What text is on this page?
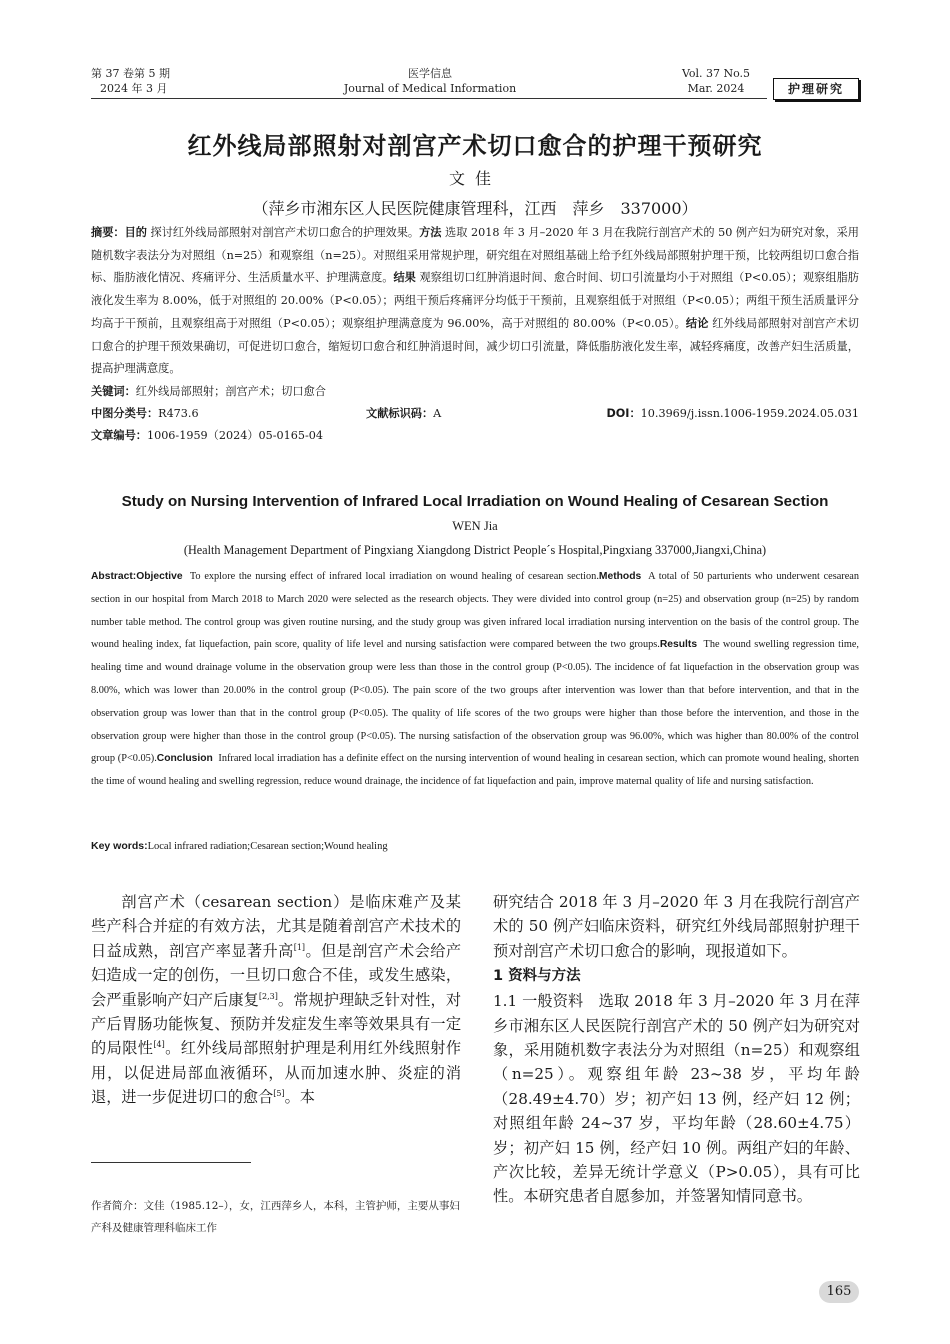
第 37 卷第 5 期
2024 年 3 月
医学信息
Journal of Medical Information
Vol. 37 No.5
Mar. 2024	护理研究
红外线局部照射对剖宫产术切口愈合的护理干预研究
文佳
（萍乡市湘东区人民医院健康管理科，江西　萍乡　337000）
摘要：目的 探讨红外线局部照射对剖宫产术切口愈合的护理效果。方法 选取 2018 年 3 月–2020 年 3 月在我院行剖宫产术的 50 例产妇为研究对象，采用随机数字表法分为对照组（n=25）和观察组（n=25）。对照组采用常规护理，研究组在对照组基础上给予红外线局部照射护理干预，比较两组切口愈合指标、脂肪液化情况、疼痛评分、生活质量水平、护理满意度。结果 观察组切口红肿消退时间、愈合时间、切口引流量均小于对照组（P<0.05）；观察组脂肪液化发生率为 8.00%，低于对照组的 20.00%（P<0.05）；两组干预后疼痛评分均低于干预前，且观察组低于对照组（P<0.05）；两组干预生活质量评分均高于干预前，且观察组高于对照组（P<0.05）；观察组护理满意度为 96.00%，高于对照组的 80.00%（P<0.05）。结论 红外线局部照射对剖宫产术切口愈合的护理干预效果确切，可促进切口愈合，缩短切口愈合和红肿消退时间，减少切口引流量，降低脂肪液化发生率，减轻疼痛度，改善产妇生活质量，提高护理满意度。
关键词：红外线局部照射；剖宫产术；切口愈合
中图分类号：R473.6	文献标识码：A	DOI：10.3969/j.issn.1006-1959.2024.05.031
文章编号：1006-1959（2024）05-0165-04
Study on Nursing Intervention of Infrared Local Irradiation on Wound Healing of Cesarean Section
WEN Jia
(Health Management Department of Pingxiang Xiangdong District People´s Hospital,Pingxiang 337000,Jiangxi,China)
Abstract:Objective To explore the nursing effect of infrared local irradiation on wound healing of cesarean section.Methods A total of 50 parturients who underwent cesarean section in our hospital from March 2018 to March 2020 were selected as the research objects. They were divided into control group (n=25) and observation group (n=25) by random number table method. The control group was given routine nursing, and the study group was given infrared local irradiation nursing intervention on the basis of the control group. The wound healing index, fat liquefaction, pain score, quality of life level and nursing satisfaction were compared between the two groups.Results The wound swelling regression time, healing time and wound drainage volume in the observation group were less than those in the control group (P<0.05). The incidence of fat liquefaction in the observation group was 8.00%, which was lower than 20.00% in the control group (P<0.05). The pain score of the two groups after intervention was lower than that before intervention, and that in the observation group was lower than that in the control group (P<0.05). The quality of life scores of the two groups were higher than those before the intervention, and those in the observation group were higher than those in the control group (P<0.05). The nursing satisfaction of the observation group was 96.00%, which was higher than 80.00% of the control group (P<0.05).Conclusion Infrared local irradiation has a definite effect on the nursing intervention of wound healing in cesarean section, which can promote wound healing, shorten the time of wound healing and swelling regression, reduce wound drainage, the incidence of fat liquefaction and pain, improve maternal quality of life and nursing satisfaction.
Key words:Local infrared radiation;Cesarean section;Wound healing
剖宫产术（cesarean section）是临床难产及某些产科合并症的有效方法，尤其是随着剖宫产术技术的日益成熟，剖宫产率显著升高[1]。但是剖宫产术会给产妇造成一定的创伤，一旦切口愈合不佳，或发生感染，会严重影响产妇产后康复[2,3]。常规护理缺乏针对性，对产后胃肠功能恢复、预防并发症发生率等效果具有一定的局限性[4]。红外线局部照射护理是利用红外线照射作用，以促进局部血液循环，从而加速水肿、炎症的消退，进一步促进切口的愈合[5]。本
研究结合 2018 年 3 月–2020 年 3 月在我院行剖宫产术的 50 例产妇临床资料，研究红外线局部照射护理干预对剖宫产术切口愈合的影响，现报道如下。
1 资料与方法
1.1 一般资料　选取 2018 年 3 月–2020 年 3 月在萍乡市湘东区人民医院行剖宫产术的 50 例产妇为研究对象，采用随机数字表法分为对照组（n=25）和观察组（n=25）。观察组年龄 23~38 岁，平均年龄（28.49±4.70）岁；初产妇 13 例，经产妇 12 例；对照组年龄 24~37 岁，平均年龄（28.60±4.75）岁；初产妇 15 例，经产妇 10 例。两组产妇的年龄、产次比较，差异无统计学意义（P>0.05），具有可比性。本研究患者自愿参加，并签署知情同意书。
作者简介：文佳（1985.12–），女，江西萍乡人，本科，主管护师，主要从事妇产科及健康管理科临床工作
165
